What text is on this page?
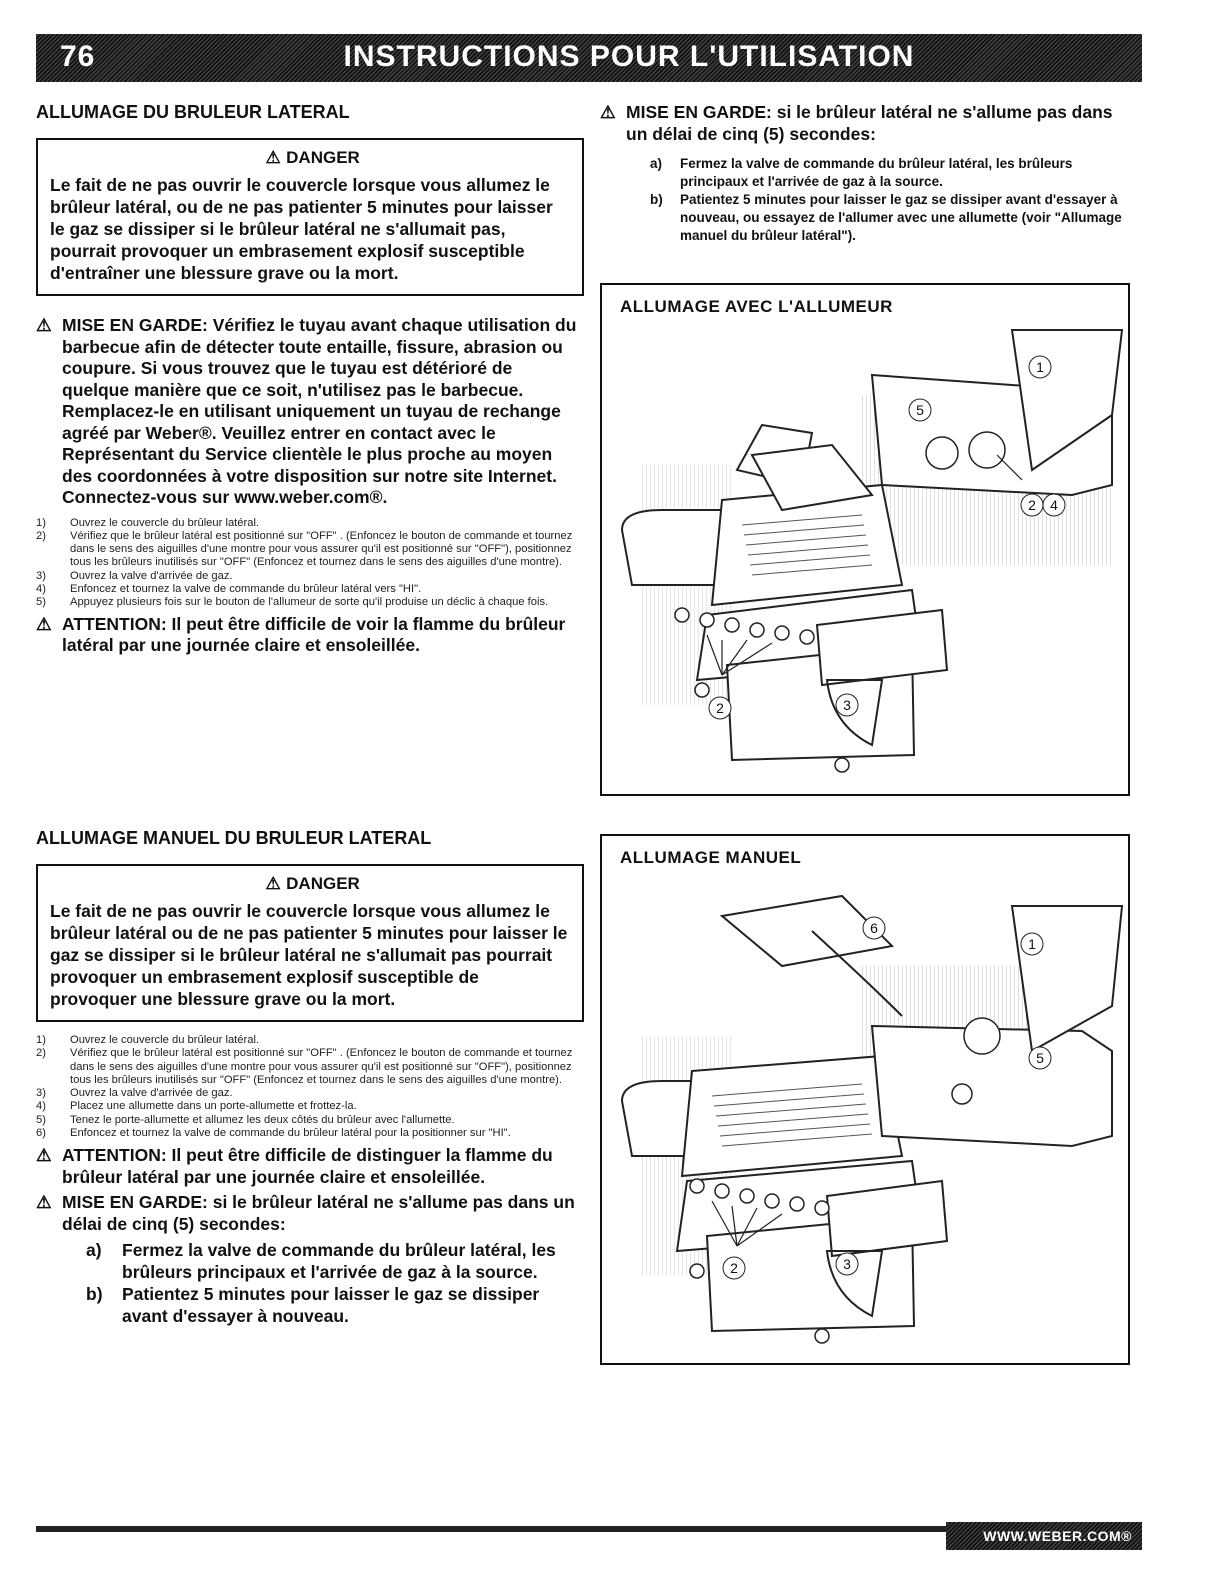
76	INSTRUCTIONS POUR L'UTILISATION
ALLUMAGE DU BRULEUR LATERAL
⚠ DANGER
Le fait de ne pas ouvrir le couvercle lorsque vous allumez le brûleur latéral, ou de ne pas patienter 5 minutes pour laisser le gaz se dissiper si le brûleur latéral ne s'allumait pas, pourrait provoquer un embrasement explosif susceptible d'entraîner une blessure grave ou la mort.
⚠ MISE EN GARDE: Vérifiez le tuyau avant chaque utilisation du barbecue afin de détecter toute entaille, fissure, abrasion ou coupure. Si vous trouvez que le tuyau est détérioré de quelque manière que ce soit, n'utilisez pas le barbecue. Remplacez-le en utilisant uniquement un tuyau de rechange agréé par Weber®. Veuillez entrer en contact avec le Représentant du Service clientèle le plus proche au moyen des coordonnées à votre disposition sur notre site Internet. Connectez-vous sur www.weber.com®.
1) Ouvrez le couvercle du brûleur latéral.
2) Vérifiez que le brûleur latéral est positionné sur "OFF" . (Enfoncez le bouton de commande et tournez dans le sens des aiguilles d'une montre pour vous assurer qu'il est positionné sur "OFF"), positionnez tous les brûleurs inutilisés sur "OFF" (Enfoncez et tournez dans le sens des aiguilles d'une montre).
3) Ouvrez la valve d'arrivée de gaz.
4) Enfoncez et tournez la valve de commande du brûleur latéral vers "HI".
5) Appuyez plusieurs fois sur le bouton de l'allumeur de sorte qu'il produise un déclic à chaque fois.
⚠ ATTENTION: Il peut être difficile de voir la flamme du brûleur latéral par une journée claire et ensoleillée.
⚠ MISE EN GARDE: si le brûleur latéral ne s'allume pas dans un délai de cinq (5) secondes:
a) Fermez la valve de commande du brûleur latéral, les brûleurs principaux et l'arrivée de gaz à la source.
b) Patientez 5 minutes pour laisser le gaz se dissiper avant d'essayer à nouveau, ou essayez de l'allumer avec une allumette (voir "Allumage manuel du brûleur latéral").
ALLUMAGE AVEC L'ALLUMEUR
1
5
2 4
2	3
ALLUMAGE MANUEL DU BRULEUR LATERAL
⚠ DANGER
Le fait de ne pas ouvrir le couvercle lorsque vous allumez le brûleur latéral ou de ne pas patienter 5 minutes pour laisser le gaz se dissiper si le brûleur latéral ne s'allumait pas pourrait provoquer un embrasement explosif susceptible de provoquer une blessure grave ou la mort.
1) Ouvrez le couvercle du brûleur latéral.
2) Vérifiez que le brûleur latéral est positionné sur "OFF" . (Enfoncez le bouton de commande et tournez dans le sens des aiguilles d'une montre pour vous assurer qu'il est positionné sur "OFF"), positionnez tous les brûleurs inutilisés sur "OFF" (Enfoncez et tournez dans le sens des aiguilles d'une montre).
3) Ouvrez la valve d'arrivée de gaz.
4) Placez une allumette dans un porte-allumette et frottez-la.
5) Tenez le porte-allumette et allumez les deux côtés du brûleur avec l'allumette.
6) Enfoncez et tournez la valve de commande du brûleur latéral pour la positionner sur "HI".
⚠ ATTENTION: Il peut être difficile de distinguer la flamme du brûleur latéral par une journée claire et ensoleillée.
⚠ MISE EN GARDE: si le brûleur latéral ne s'allume pas dans un délai de cinq (5) secondes:
a) Fermez la valve de commande du brûleur latéral, les brûleurs principaux et l'arrivée de gaz à la source.
b) Patientez 5 minutes pour laisser le gaz se dissiper avant d'essayer à nouveau.
ALLUMAGE MANUEL
6
1
5
2	3
WWW.WEBER.COM®
